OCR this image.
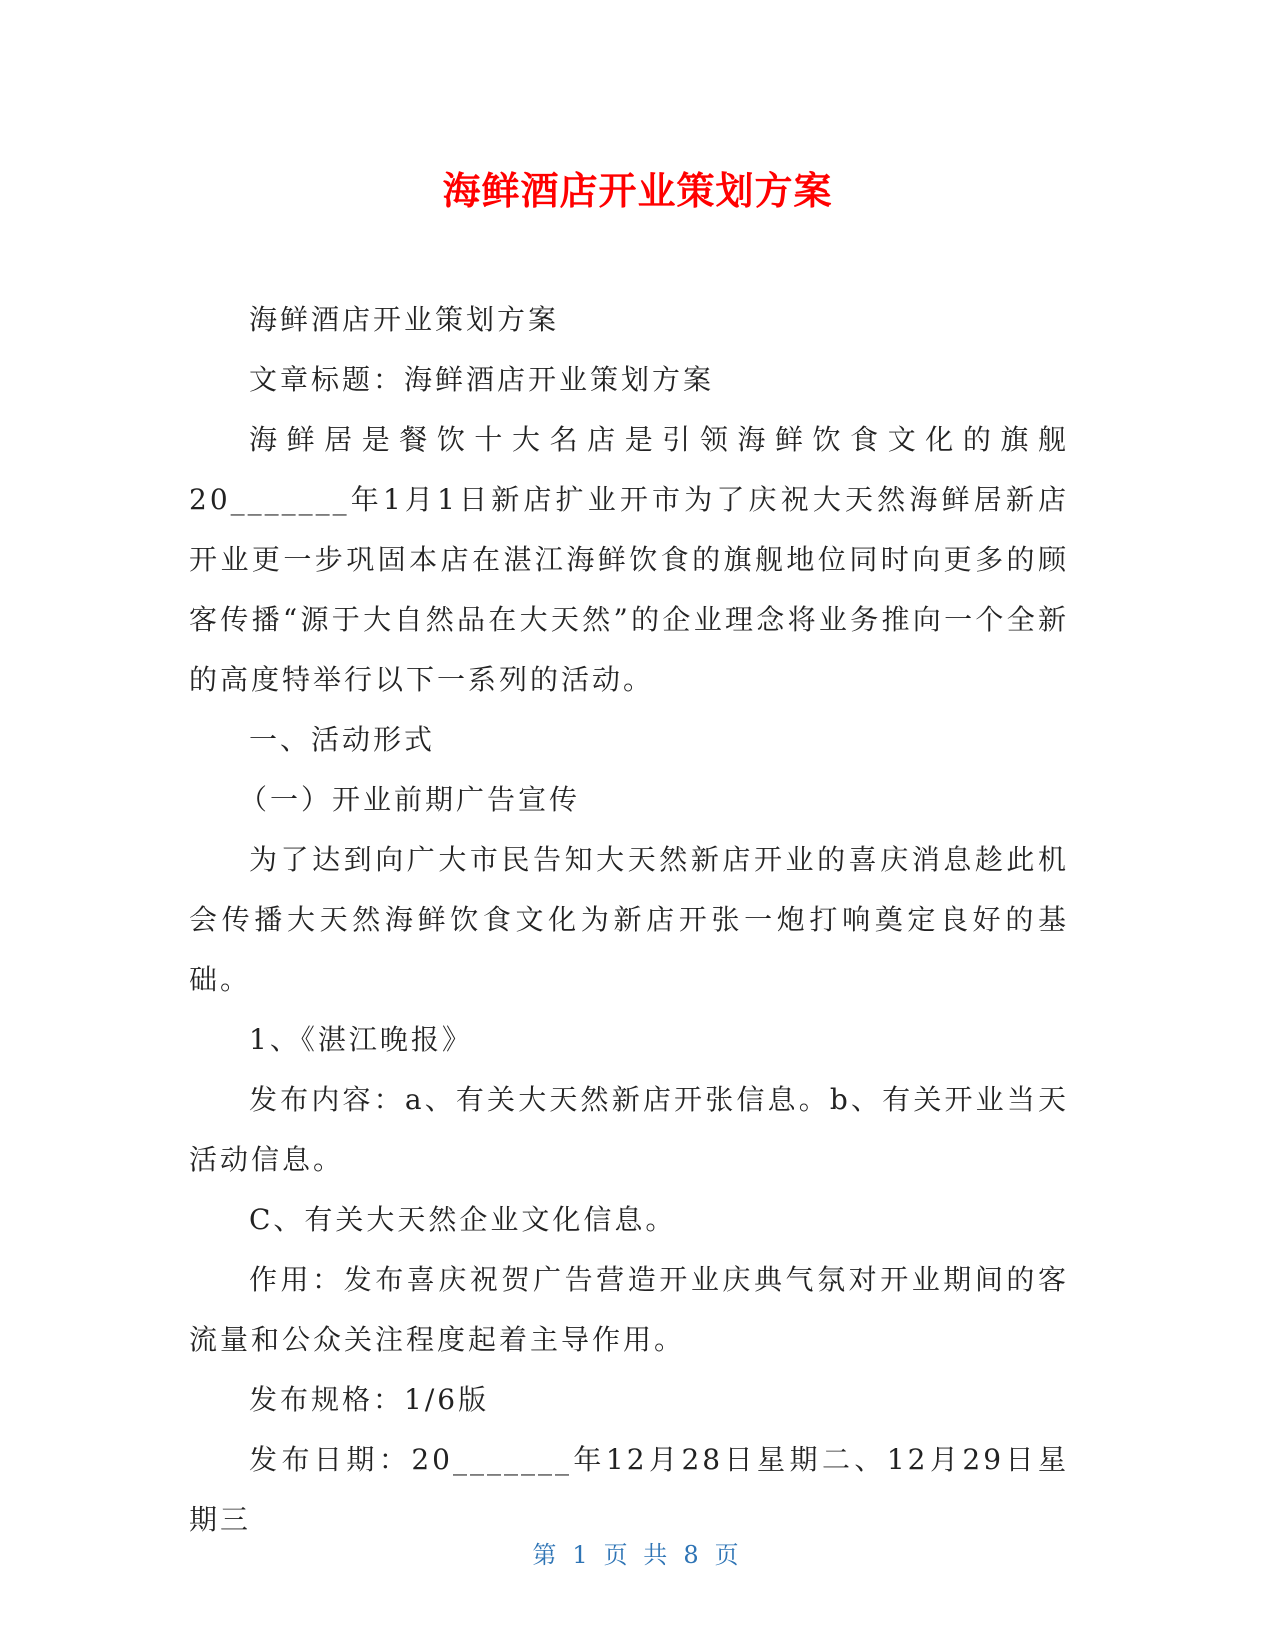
海鲜酒店开业策划方案

海鲜酒店开业策划方案

文章标题：海鲜酒店开业策划方案

海鲜居是餐饮十大名店是引领海鲜饮食文化的旗舰20_______年1月1日新店扩业开市为了庆祝大天然海鲜居新店开业更一步巩固本店在湛江海鲜饮食的旗舰地位同时向更多的顾客传播“源于大自然品在大天然”的企业理念将业务推向一个全新的高度特举行以下一系列的活动。

一、活动形式

（一）开业前期广告宣传

为了达到向广大市民告知大天然新店开业的喜庆消息趁此机会传播大天然海鲜饮食文化为新店开张一炮打响奠定良好的基础。

1、《湛江晚报》

发布内容：a、有关大天然新店开张信息。b、有关开业当天活动信息。

C、有关大天然企业文化信息。

作用：发布喜庆祝贺广告营造开业庆典气氛对开业期间的客流量和公众关注程度起着主导作用。

发布规格：1/6版

发布日期：20_______年12月28日星期二、12月29日星期三

第 1 页 共 8 页
